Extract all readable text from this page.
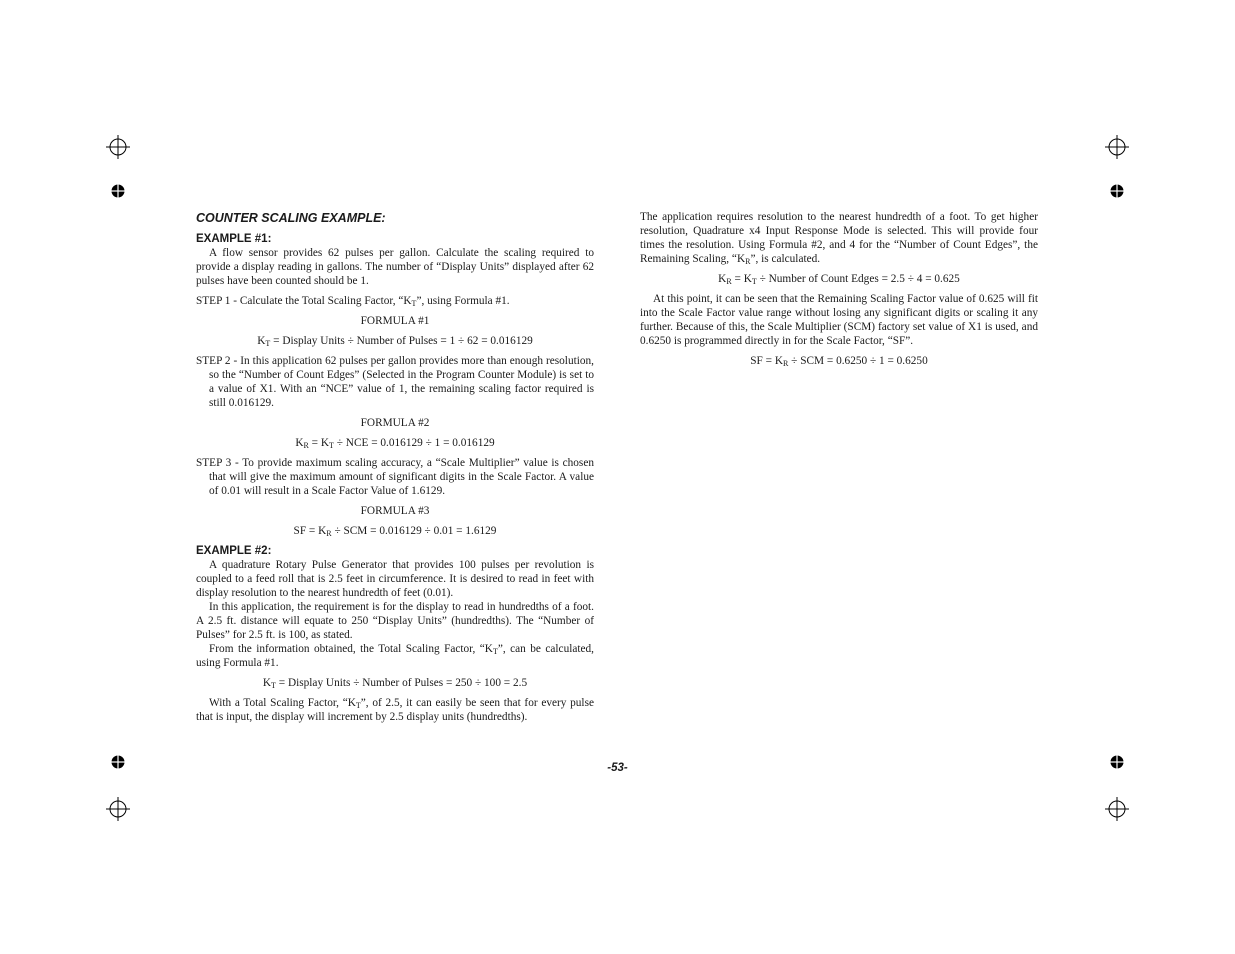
COUNTER SCALING EXAMPLE:
EXAMPLE #1:

A flow sensor provides 62 pulses per gallon. Calculate the scaling required to provide a display reading in gallons. The number of “Display Units” displayed after 62 pulses have been counted should be 1.

STEP 1 - Calculate the Total Scaling Factor, “$K_T$”, using Formula #1.

FORMULA #1
$K_T$ = Display Units ÷ Number of Pulses = 1 ÷ 62 = 0.016129

STEP 2 - In this application 62 pulses per gallon provides more than enough resolution, so the “Number of Count Edges” (Selected in the Program Counter Module) is set to a value of X1. With an “NCE” value of 1, the remaining scaling factor required is still 0.016129.

FORMULA #2
$K_R = K_T$ ÷ NCE = 0.016129 ÷ 1 = 0.016129

STEP 3 - To provide maximum scaling accuracy, a “Scale Multiplier” value is chosen that will give the maximum amount of significant digits in the Scale Factor. A value of 0.01 will result in a Scale Factor Value of 1.6129.

FORMULA #3
SF = $K_R$ ÷ SCM = 0.016129 ÷ 0.01 = 1.6129
EXAMPLE #2:

A quadrature Rotary Pulse Generator that provides 100 pulses per revolution is coupled to a feed roll that is 2.5 feet in circumference. It is desired to read in feet with display resolution to the nearest hundredth of feet (0.01).

In this application, the requirement is for the display to read in hundredths of a foot. A 2.5 ft. distance will equate to 250 “Display Units” (hundredths). The “Number of Pulses” for 2.5 ft. is 100, as stated.

From the information obtained, the Total Scaling Factor, “$K_T$”, can be calculated, using Formula #1.

$K_T$ = Display Units ÷ Number of Pulses = 250 ÷ 100 = 2.5

With a Total Scaling Factor, “$K_T$”, of 2.5, it can easily be seen that for every pulse that is input, the display will increment by 2.5 display units (hundredths).

The application requires resolution to the nearest hundredth of a foot. To get higher resolution, Quadrature x4 Input Response Mode is selected. This will provide four times the resolution. Using Formula #2, and 4 for the “Number of Count Edges”, the Remaining Scaling, “$K_R$”, is calculated.

$K_R = K_T$ ÷ Number of Count Edges = 2.5 ÷ 4 = 0.625

At this point, it can be seen that the Remaining Scaling Factor value of 0.625 will fit into the Scale Factor value range without losing any significant digits or scaling it any further. Because of this, the Scale Multiplier (SCM) factory set value of X1 is used, and 0.6250 is programmed directly in for the Scale Factor, “SF”.

SF = $K_R$ ÷ SCM = 0.6250 ÷ 1 = 0.6250
-53-
